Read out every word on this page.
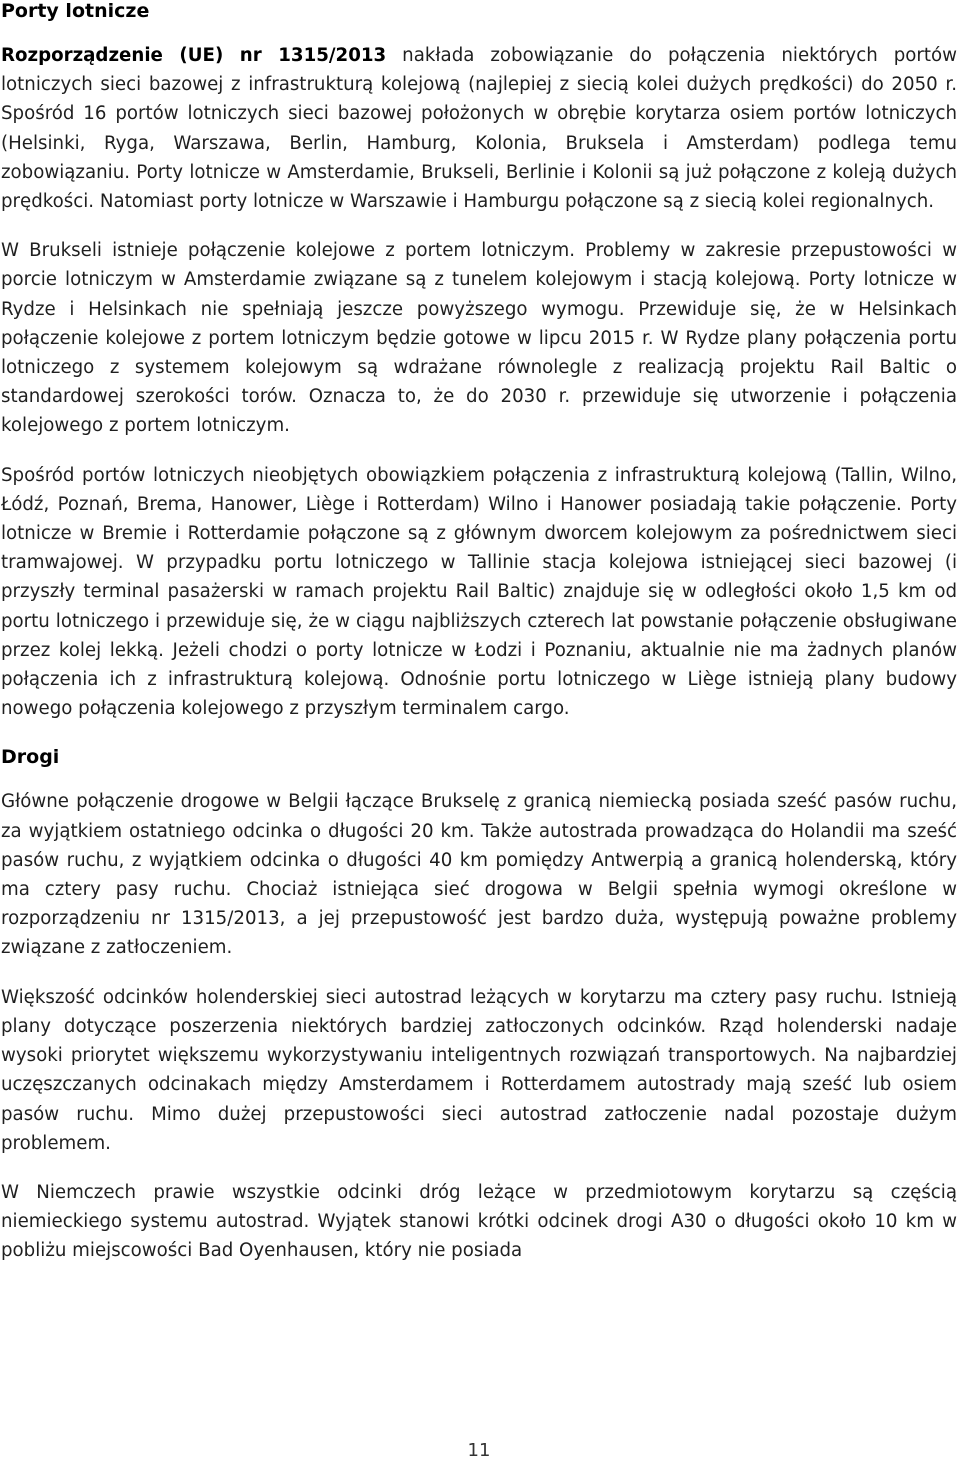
Porty lotnicze

Rozporządzenie (UE) nr 1315/2013 nakłada zobowiązanie do połączenia niektórych portów lotniczych sieci bazowej z infrastrukturą kolejową (najlepiej z siecią kolei dużych prędkości) do 2050 r. Spośród 16 portów lotniczych sieci bazowej położonych w obrębie korytarza osiem portów lotniczych (Helsinki, Ryga, Warszawa, Berlin, Hamburg, Kolonia, Bruksela i Amsterdam) podlega temu zobowiązaniu. Porty lotnicze w Amsterdamie, Brukseli, Berlinie i Kolonii są już połączone z koleją dużych prędkości. Natomiast porty lotnicze w Warszawie i Hamburgu połączone są z siecią kolei regionalnych.

W Brukseli istnieje połączenie kolejowe z portem lotniczym. Problemy w zakresie przepustowości w porcie lotniczym w Amsterdamie związane są z tunelem kolejowym i stacją kolejową. Porty lotnicze w Rydze i Helsinkach nie spełniają jeszcze powyższego wymogu. Przewiduje się, że w Helsinkach połączenie kolejowe z portem lotniczym będzie gotowe w lipcu 2015 r. W Rydze plany połączenia portu lotniczego z systemem kolejowym są wdrażane równolegle z realizacją projektu Rail Baltic o standardowej szerokości torów. Oznacza to, że do 2030 r. przewiduje się utworzenie i połączenia kolejowego z portem lotniczym.

Spośród portów lotniczych nieobjętych obowiązkiem połączenia z infrastrukturą kolejową (Tallin, Wilno, Łódź, Poznań, Brema, Hanower, Liège i Rotterdam) Wilno i Hanower posiadają takie połączenie. Porty lotnicze w Bremie i Rotterdamie połączone są z głównym dworcem kolejowym za pośrednictwem sieci tramwajowej. W przypadku portu lotniczego w Tallinie stacja kolejowa istniejącej sieci bazowej (i przyszły terminal pasażerski w ramach projektu Rail Baltic) znajduje się w odległości około 1,5 km od portu lotniczego i przewiduje się, że w ciągu najbliższych czterech lat powstanie połączenie obsługiwane przez kolej lekką. Jeżeli chodzi o porty lotnicze w Łodzi i Poznaniu, aktualnie nie ma żadnych planów połączenia ich z infrastrukturą kolejową. Odnośnie portu lotniczego w Liège istnieją plany budowy nowego połączenia kolejowego z przyszłym terminalem cargo.

Drogi

Główne połączenie drogowe w Belgii łączące Brukselę z granicą niemiecką posiada sześć pasów ruchu, za wyjątkiem ostatniego odcinka o długości 20 km. Także autostrada prowadząca do Holandii ma sześć pasów ruchu, z wyjątkiem odcinka o długości 40 km pomiędzy Antwerpią a granicą holenderską, który ma cztery pasy ruchu. Chociaż istniejąca sieć drogowa w Belgii spełnia wymogi określone w rozporządzeniu nr 1315/2013, a jej przepustowość jest bardzo duża, występują poważne problemy związane z zatłoczeniem.

Większość odcinków holenderskiej sieci autostrad leżących w korytarzu ma cztery pasy ruchu. Istnieją plany dotyczące poszerzenia niektórych bardziej zatłoczonych odcinków. Rząd holenderski nadaje wysoki priorytet większemu wykorzystywaniu inteligentnych rozwiązań transportowych. Na najbardziej uczęszczanych odcinakach między Amsterdamem i Rotterdamem autostrady mają sześć lub osiem pasów ruchu. Mimo dużej przepustowości sieci autostrad zatłoczenie nadal pozostaje dużym problemem.

W Niemczech prawie wszystkie odcinki dróg leżące w przedmiotowym korytarzu są częścią niemieckiego systemu autostrad. Wyjątek stanowi krótki odcinek drogi A30 o długości około 10 km w pobliżu miejscowości Bad Oyenhausen, który nie posiada

11
